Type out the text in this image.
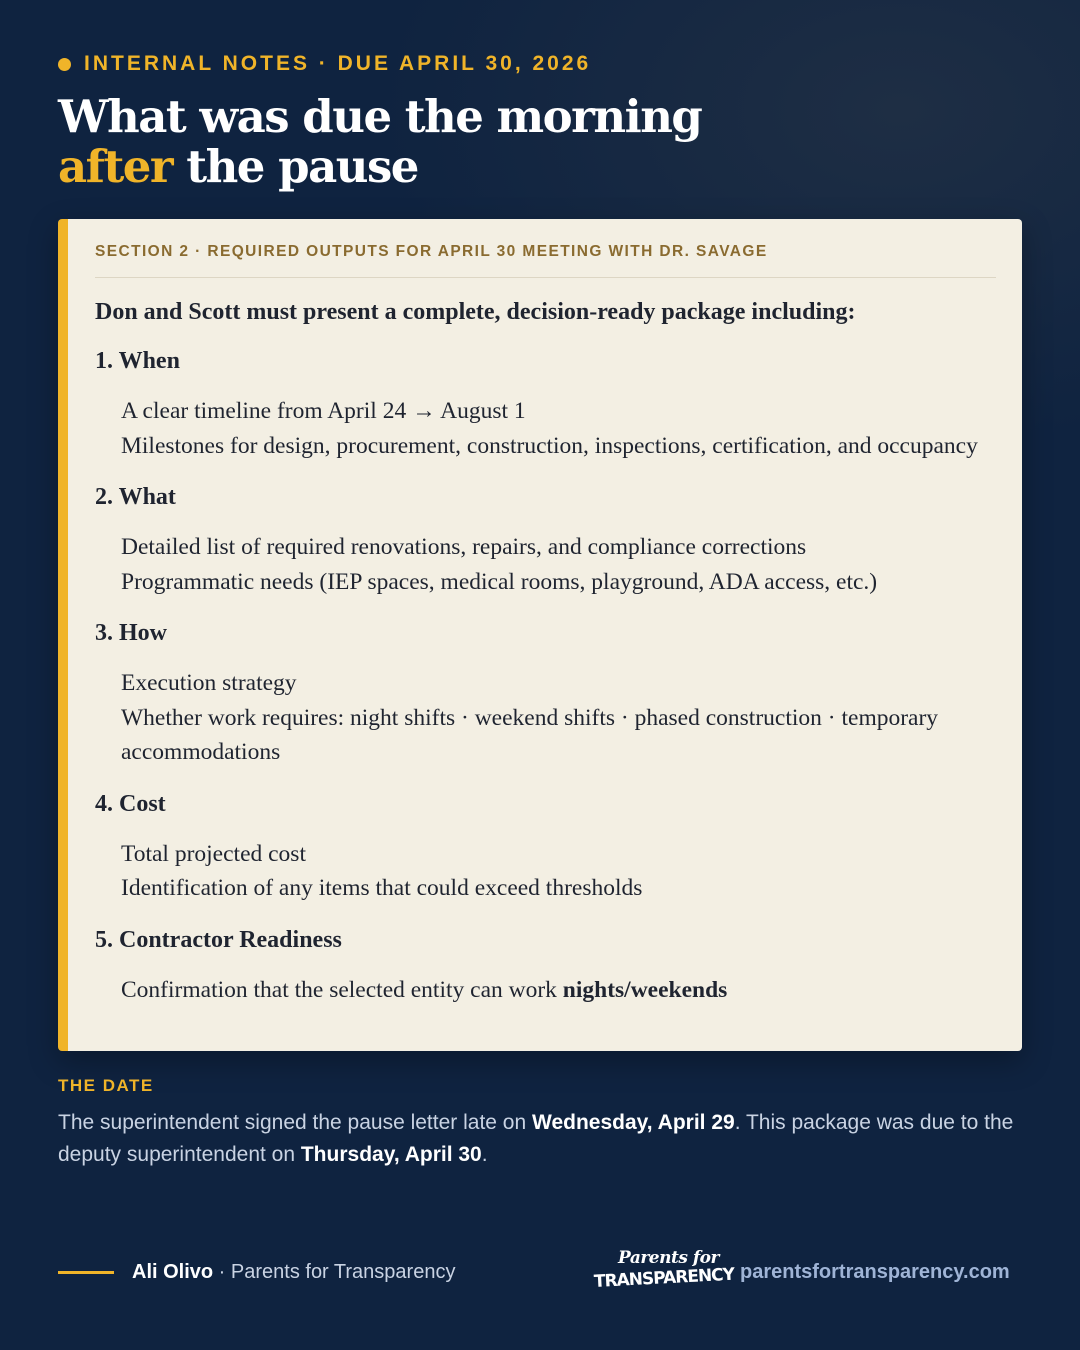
INTERNAL NOTES · DUE APRIL 30, 2026
What was due the morning
after the pause
SECTION 2 · REQUIRED OUTPUTS FOR APRIL 30 MEETING WITH DR. SAVAGE
Don and Scott must present a complete, decision-ready package including:
1. When
A clear timeline from April 24 → August 1
Milestones for design, procurement, construction, inspections, certification, and occupancy
2. What
Detailed list of required renovations, repairs, and compliance corrections
Programmatic needs (IEP spaces, medical rooms, playground, ADA access, etc.)
3. How
Execution strategy
Whether work requires: night shifts · weekend shifts · phased construction · temporary accommodations
4. Cost
Total projected cost
Identification of any items that could exceed thresholds
5. Contractor Readiness
Confirmation that the selected entity can work nights/weekends
THE DATE
The superintendent signed the pause letter late on Wednesday, April 29. This package was due to the deputy superintendent on Thursday, April 30.
Ali Olivo · Parents for Transparency
Parents for
TRANSPARENCY parentsfortransparency.com
